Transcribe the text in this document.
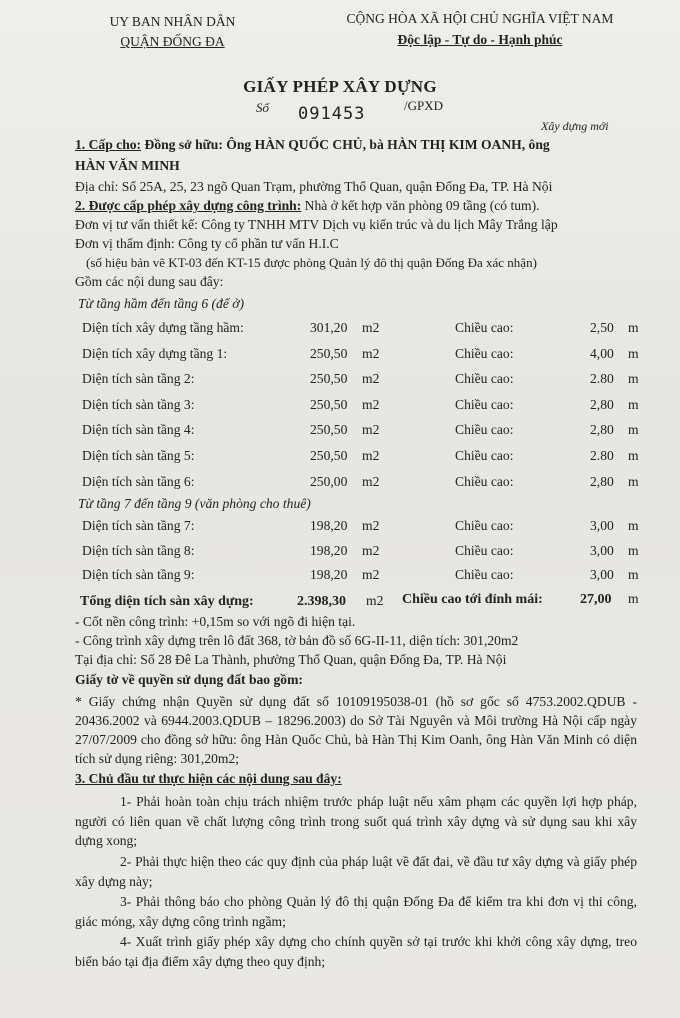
UY BAN NHÂN DÂN
QUẬN ĐỐNG ĐA
CỘNG HÒA XÃ HỘI CHỦ NGHĨA VIỆT NAM
Độc lập - Tự do - Hạnh phúc
GIẤY PHÉP XÂY DỰNG
Số 091453	/GPXD
Xây dựng mới
1. Cấp cho: Đồng sở hữu: Ông HÀN QUỐC CHỦ, bà HÀN THỊ KIM OANH, ông
HÀN VĂN MINH
Địa chỉ: Số 25A, 25, 23 ngõ Quan Trạm, phường Thổ Quan, quận Đống Đa, TP. Hà Nội
2. Được cấp phép xây dựng công trình: Nhà ở kết hợp văn phòng 09 tầng (có tum).
Đơn vị tư vấn thiết kế: Công ty TNHH MTV Dịch vụ kiến trúc và du lịch Mây Trắng lập
Đơn vị thẩm định: Công ty cổ phần tư vấn H.I.C
(số hiệu bản vẽ KT-03 đến KT-15 được phòng Quản lý đô thị quận Đống Đa xác nhận)
Gồm các nội dung sau đây:
Từ tầng hầm đến tầng 6 (để ở)
Diện tích xây dựng tầng hầm:	301,20 m2	Chiều cao:	2,50 m
Diện tích xây dựng tầng 1:	250,50 m2	Chiều cao:	4,00 m
Diện tích sàn tầng 2:	250,50 m2	Chiều cao:	2.80 m
Diện tích sàn tầng 3:	250,50 m2	Chiều cao:	2,80 m
Diện tích sàn tầng 4:	250,50 m2	Chiều cao:	2,80 m
Diện tích sàn tầng 5:	250,50 m2	Chiều cao:	2.80 m
Diện tích sàn tầng 6:	250,00 m2	Chiều cao:	2,80 m
Từ tầng 7 đến tầng 9 (văn phòng cho thuê)
Diện tích sàn tầng 7:	198,20 m2	Chiều cao:	3,00 m
Diện tích sàn tầng 8:	198,20 m2	Chiều cao:	3,00 m
Diện tích sàn tầng 9:	198,20 m2	Chiều cao:	3,00 m
Tổng diện tích sàn xây dựng:	2.398,30 m2 Chiều cao tới đỉnh mái:	27,00 m
- Cốt nền công trình: +0,15m so với ngõ đi hiện tại.
- Công trình xây dựng trên lô đất 368, tờ bản đồ số 6G-II-11, diện tích: 301,20m2
Tại địa chỉ: Số 28 Đê La Thành, phường Thổ Quan, quận Đống Đa, TP. Hà Nội
Giấy tờ về quyền sử dụng đất bao gồm:
* Giấy chứng nhận Quyền sử dụng đất số 10109195038-01 (hồ sơ gốc số 4753.2002.QDUB - 20436.2002 và 6944.2003.QDUB – 18296.2003) do Sở Tài Nguyên và Môi trường Hà Nội cấp ngày 27/07/2009 cho đồng sở hữu: ông Hàn Quốc Chủ, bà Hàn Thị Kim Oanh, ông Hàn Văn Minh có diện tích sử dụng riêng: 301,20m2;
3. Chủ đầu tư thực hiện các nội dung sau đây:
1- Phải hoàn toàn chịu trách nhiệm trước pháp luật nếu xâm phạm các quyền lợi hợp pháp, người có liên quan về chất lượng công trình trong suốt quá trình xây dựng và sử dụng sau khi xây dựng xong;
2- Phải thực hiện theo các quy định của pháp luật về đất đai, về đầu tư xây dựng và giấy phép xây dựng này;
3- Phải thông báo cho phòng Quản lý đô thị quận Đống Đa để kiểm tra khi đơn vị thi công, giác móng, xây dựng công trình ngầm;
4- Xuất trình giấy phép xây dựng cho chính quyền sở tại trước khi khởi công xây dựng, treo biển báo tại địa điểm xây dựng theo quy định;
